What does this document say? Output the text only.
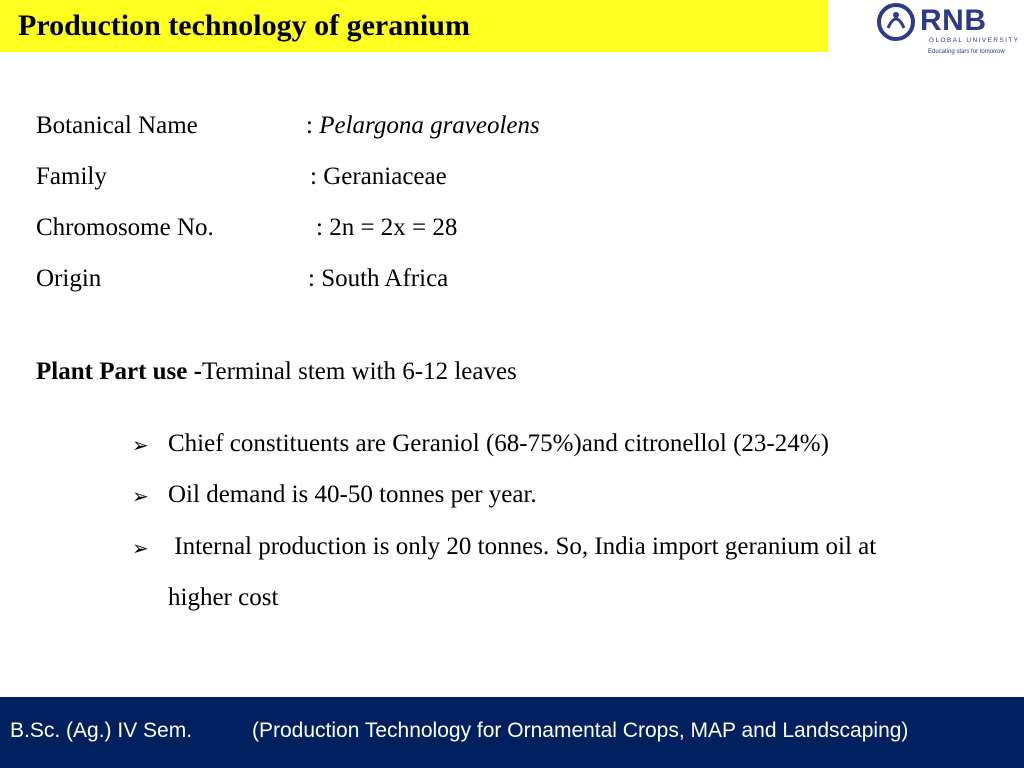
Production technology of geranium	RNB
GLOBAL UNIVERSITY
Educating stars for tomorrow
Botanical Name	: Pelargona graveolens
Family	: Geraniaceae
Chromosome No.	: 2n = 2x = 28
Origin	: South Africa
Plant Part use -Terminal stem with 6-12 leaves
➢ Chief constituents are Geraniol (68-75%)and citronellol (23-24%)
➢ Oil demand is 40-50 tonnes per year.
➢ Internal production is only 20 tonnes. So, India import geranium oil at
higher cost
B.Sc. (Ag.) IV Sem.	(Production Technology for Ornamental Crops, MAP and Landscaping)
